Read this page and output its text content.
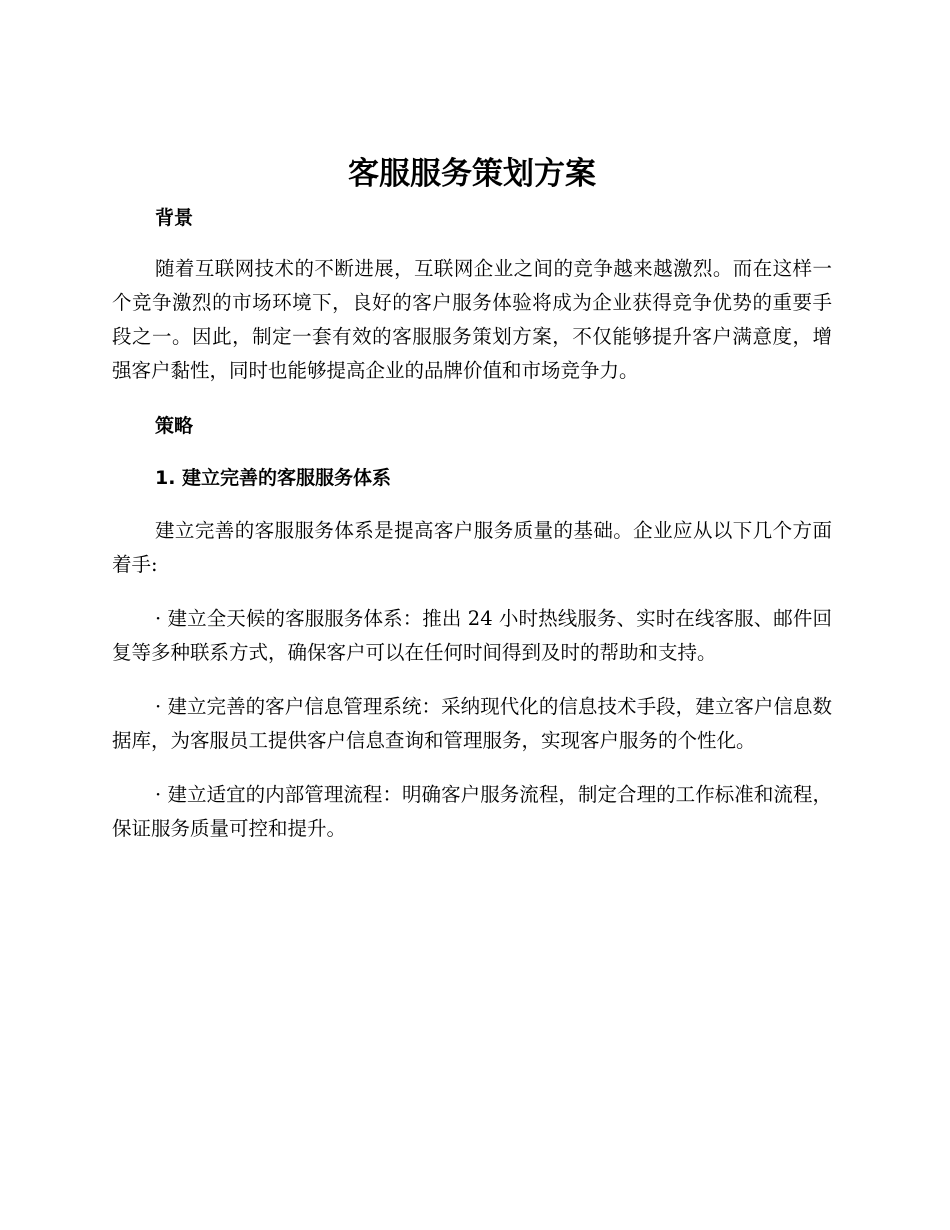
客服服务策划方案

背景

随着互联网技术的不断进展，互联网企业之间的竞争越来越激烈。而在这样一个竞争激烈的市场环境下，良好的客户服务体验将成为企业获得竞争优势的重要手段之一。因此，制定一套有效的客服服务策划方案，不仅能够提升客户满意度，增强客户黏性，同时也能够提高企业的品牌价值和市场竞争力。

策略

1. 建立完善的客服服务体系

建立完善的客服服务体系是提高客户服务质量的基础。企业应从以下几个方面着手:

· 建立全天候的客服服务体系：推出 24 小时热线服务、实时在线客服、邮件回复等多种联系方式，确保客户可以在任何时间得到及时的帮助和支持。

· 建立完善的客户信息管理系统：采纳现代化的信息技术手段，建立客户信息数据库，为客服员工提供客户信息查询和管理服务，实现客户服务的个性化。

· 建立适宜的内部管理流程：明确客户服务流程，制定合理的工作标准和流程，保证服务质量可控和提升。
